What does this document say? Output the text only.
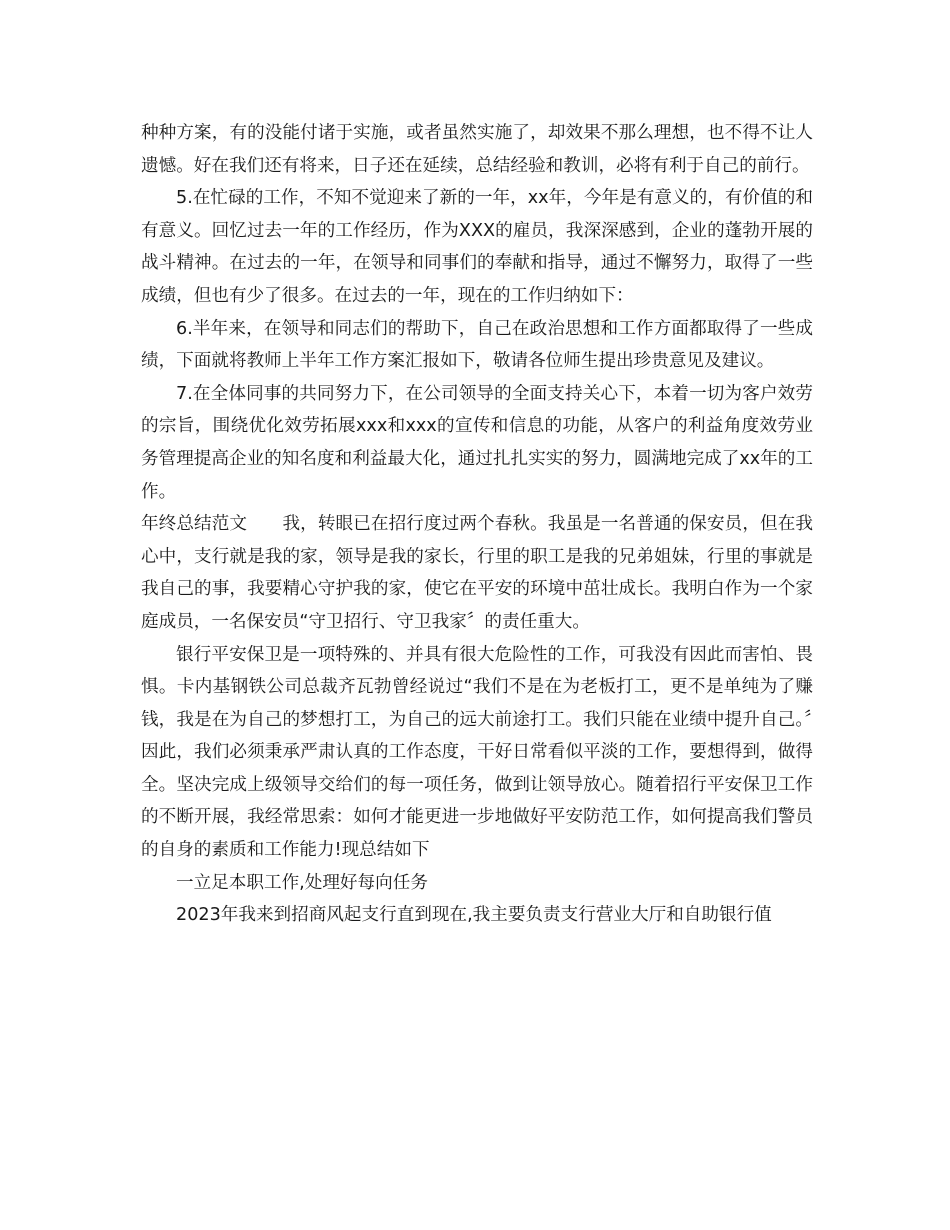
种种方案，有的没能付诸于实施，或者虽然实施了，却效果不那么理想，也不得不让人遗憾。好在我们还有将来，日子还在延续，总结经验和教训，必将有利于自己的前行。

5.在忙碌的工作，不知不觉迎来了新的一年，xx年，今年是有意义的，有价值的和有意义。回忆过去一年的工作经历，作为XXX的雇员，我深深感到，企业的蓬勃开展的战斗精神。在过去的一年，在领导和同事们的奉献和指导，通过不懈努力，取得了一些成绩，但也有少了很多。在过去的一年，现在的工作归纳如下：

6.半年来，在领导和同志们的帮助下，自己在政治思想和工作方面都取得了一些成绩，下面就将教师上半年工作方案汇报如下，敬请各位师生提出珍贵意见及建议。

7.在全体同事的共同努力下，在公司领导的全面支持关心下，本着一切为客户效劳的宗旨，围绕优化效劳拓展xxx和xxx的宣传和信息的功能，从客户的利益角度效劳业务管理提高企业的知名度和利益最大化，通过扎扎实实的努力，圆满地完成了xx年的工作。

年终总结范文　　我，转眼已在招行度过两个春秋。我虽是一名普通的保安员，但在我心中，支行就是我的家，领导是我的家长，行里的职工是我的兄弟姐妹，行里的事就是我自己的事，我要精心守护我的家，使它在平安的环境中茁壮成长。我明白作为一个家庭成员，一名保安员“守卫招行、守卫我家〞的责任重大。

银行平安保卫是一项特殊的、并具有很大危险性的工作，可我没有因此而害怕、畏惧。卡内基钢铁公司总裁齐瓦勃曾经说过“我们不是在为老板打工，更不是单纯为了赚钱，我是在为自己的梦想打工，为自己的远大前途打工。我们只能在业绩中提升自己。〞因此，我们必须秉承严肃认真的工作态度，干好日常看似平淡的工作，要想得到，做得全。坚决完成上级领导交给们的每一项任务，做到让领导放心。随着招行平安保卫工作的不断开展，我经常思索：如何才能更进一步地做好平安防范工作，如何提高我们警员的自身的素质和工作能力!现总结如下

一立足本职工作,处理好每向任务

2023年我来到招商风起支行直到现在,我主要负责支行营业大厅和自助银行值
